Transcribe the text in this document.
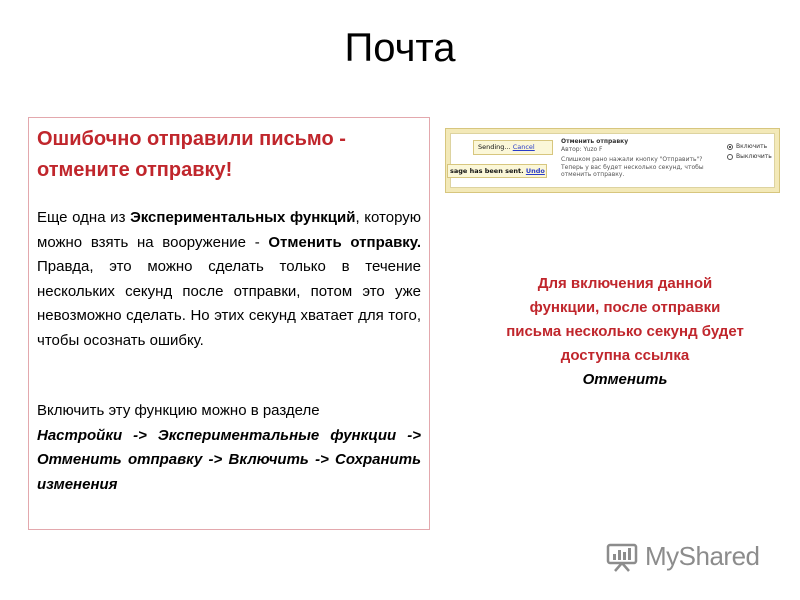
Почта
Ошибочно отправили письмо -
отмените отправку!
Еще одна из Экспериментальных функций, которую можно взять на вооружение - Отменить отправку. Правда, это можно сделать только в течение нескольких секунд после отправки, потом это уже невозможно сделать. Но этих секунд хватает для того, чтобы осознать ошибку.
Включить эту функцию можно в разделе
Настройки -> Экспериментальные функции -> Отменить отправку -> Включить -> Сохранить изменения
Sending... Cancel
sage has been sent. Undo
Отменить отправку
Автор: Yuzo F
Слишком рано нажали кнопку "Отправить"? Теперь у вас будет несколько секунд, чтобы отменить отправку.
Включить
Выключить
Для включения данной функции, после отправки письма несколько секунд будет доступна ссылка
Отменить
MyShared
